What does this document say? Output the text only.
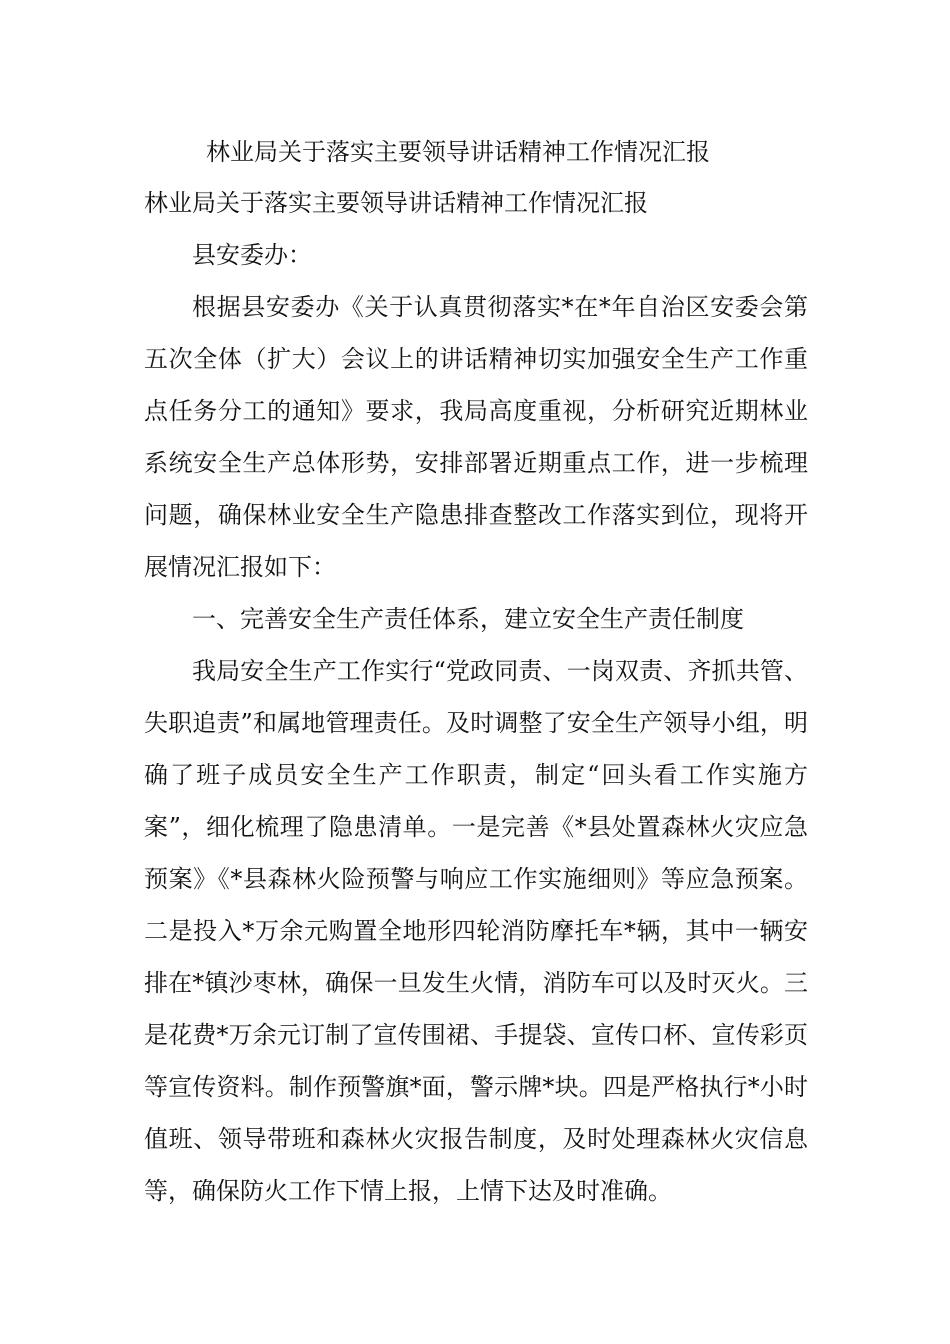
林业局关于落实主要领导讲话精神工作情况汇报

林业局关于落实主要领导讲话精神工作情况汇报

县安委办：

根据县安委办《关于认真贯彻落实*在*年自治区安委会第五次全体（扩大）会议上的讲话精神切实加强安全生产工作重点任务分工的通知》要求，我局高度重视，分析研究近期林业系统安全生产总体形势，安排部署近期重点工作，进一步梳理问题，确保林业安全生产隐患排查整改工作落实到位，现将开展情况汇报如下：

一、完善安全生产责任体系，建立安全生产责任制度

我局安全生产工作实行“党政同责、一岗双责、齐抓共管、失职追责”和属地管理责任。及时调整了安全生产领导小组，明确了班子成员安全生产工作职责，制定“回头看工作实施方案”，细化梳理了隐患清单。一是完善《*县处置森林火灾应急预案》《*县森林火险预警与响应工作实施细则》等应急预案。二是投入*万余元购置全地形四轮消防摩托车*辆，其中一辆安排在*镇沙枣林，确保一旦发生火情，消防车可以及时灭火。三是花费*万余元订制了宣传围裙、手提袋、宣传口杯、宣传彩页等宣传资料。制作预警旗*面，警示牌*块。四是严格执行*小时值班、领导带班和森林火灾报告制度，及时处理森林火灾信息等，确保防火工作下情上报，上情下达及时准确。
